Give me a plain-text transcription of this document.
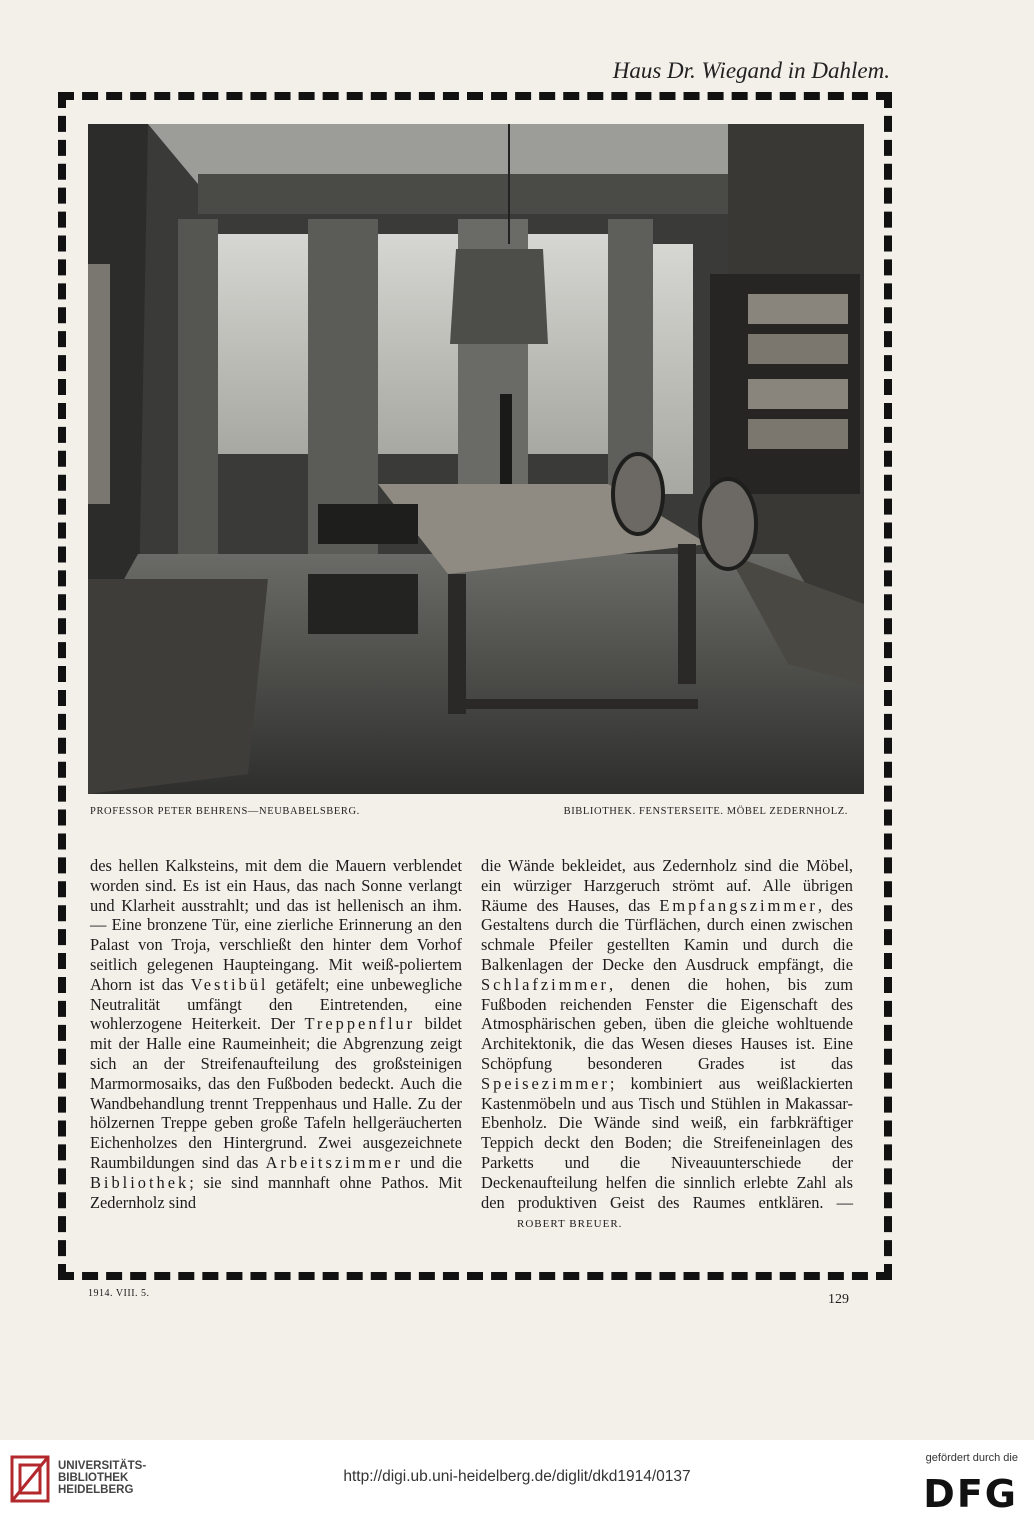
Haus Dr. Wiegand in Dahlem.
PROFESSOR PETER BEHRENS—NEUBABELSBERG.	BIBLIOTHEK. FENSTERSEITE. MÖBEL ZEDERNHOLZ.

des hellen Kalksteins, mit dem die Mauern verblendet worden sind. Es ist ein Haus, das nach Sonne verlangt und Klarheit ausstrahlt; und das ist hellenisch an ihm. — Eine bronzene Tür, eine zierliche Erinnerung an den Palast von Troja, verschließt den hinter dem Vorhof seitlich gelegenen Haupteingang. Mit weiß-poliertem Ahorn ist das Vestibül getäfelt; eine unbewegliche Neutralität umfängt den Eintretenden, eine wohlerzogene Heiterkeit. Der Treppenflur bildet mit der Halle eine Raumeinheit; die Abgrenzung zeigt sich an der Streifenaufteilung des großsteinigen Marmormosaiks, das den Fußboden bedeckt. Auch die Wandbehandlung trennt Treppenhaus und Halle. Zu der hölzernen Treppe geben große Tafeln hellgeräucherten Eichenholzes den Hintergrund. Zwei ausgezeichnete Raumbildungen sind das Arbeitszimmer und die Bibliothek; sie sind mannhaft ohne Pathos. Mit Zedernholz sind

die Wände bekleidet, aus Zedernholz sind die Möbel, ein würziger Harzgeruch strömt auf. Alle übrigen Räume des Hauses, das Empfangszimmer, des Gestaltens durch die Türflächen, durch einen zwischen schmale Pfeiler gestellten Kamin und durch die Balkenlagen der Decke den Ausdruck empfängt, die Schlafzimmer, denen die hohen, bis zum Fußboden reichenden Fenster die Eigenschaft des Atmosphärischen geben, üben die gleiche wohltuende Architektonik, die das Wesen dieses Hauses ist. Eine Schöpfung besonderen Grades ist das Speisezimmer; kombiniert aus weißlackierten Kastenmöbeln und aus Tisch und Stühlen in Makassar-Ebenholz. Die Wände sind weiß, ein farbkräftiger Teppich deckt den Boden; die Streifeneinlagen des Parketts und die Niveauunterschiede der Deckenaufteilung helfen die sinnlich erlebte Zahl als den produktiven Geist des Raumes entklären. —ROBERT BREUER.

1914. VIII. 5.	129
UNIVERSITÄTS-
BIBLIOTHEK
HEIDELBERG
http://digi.ub.uni-heidelberg.de/diglit/dkd1914/0137
gefördert durch die
DFG
